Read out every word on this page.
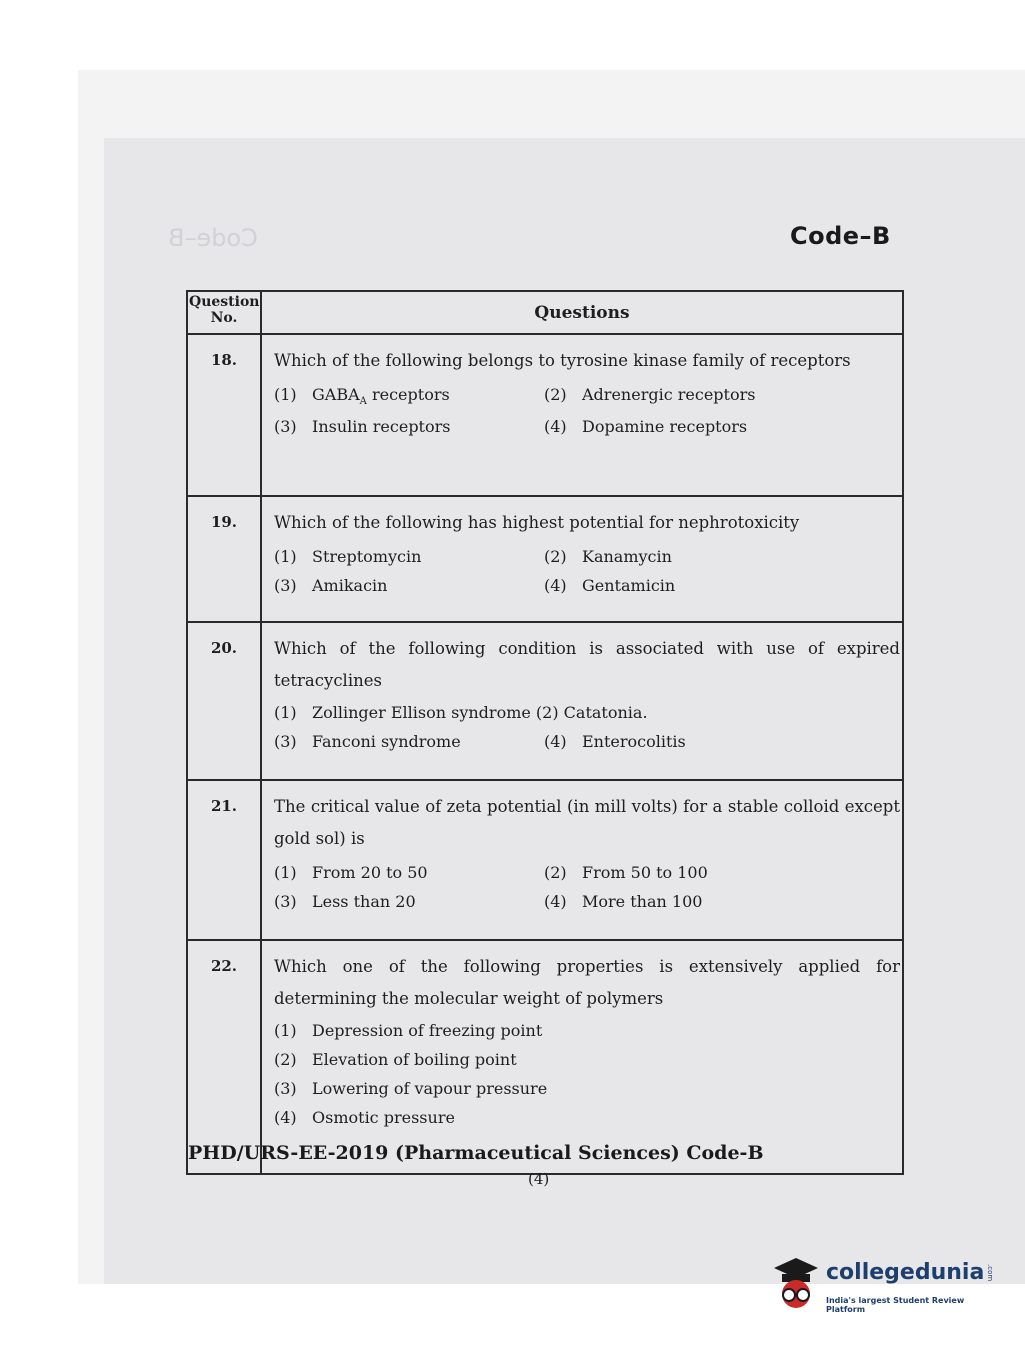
Code–B	Code–B
Question
No.	Questions
18.	Which of the following belongs to tyrosine kinase family of receptors
(1) $GABA_A$ receptors (2) Adrenergic receptors
(3) Insulin receptors (4) Dopamine receptors

19.	Which of the following has highest potential for nephrotoxicity
(1) Streptomycin (2) Kanamycin
(3) Amikacin (4) Gentamicin

20.	Which of the following condition is associated with use of expired tetracyclines
(1) Zollinger Ellison syndrome (2) Catatonia.
(3) Fanconi syndrome (4) Enterocolitis

21.	The critical value of zeta potential (in mill volts) for a stable colloid except gold sol) is
(1) From 20 to 50 (2) From 50 to 100
(3) Less than 20 (4) More than 100

22.	Which one of the following properties is extensively applied for determining the molecular weight of polymers
(1) Depression of freezing point
(2) Elevation of boiling point
(3) Lowering of vapour pressure
(4) Osmotic pressure
PHD/URS-EE-2019 (Pharmaceutical Sciences) Code-B
(4)
collegedunia .com
India's largest Student Review Platform
